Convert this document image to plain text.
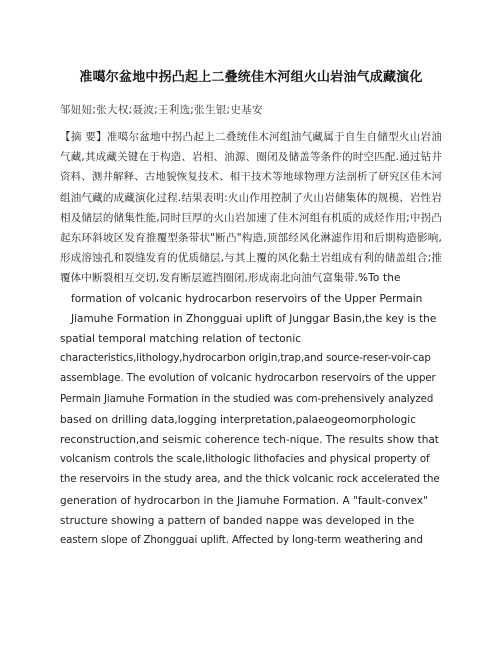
准噶尔盆地中拐凸起上二叠统佳木河组火山岩油气成藏演化
邹妞妞;张大权;聂波;王利选;张生银;史基安
【摘 要】准噶尔盆地中拐凸起上二叠统佳木河组油气藏属于自生自储型火山岩油
气藏,其成藏关键在于构造、岩相、油源、圈闭及储盖等条件的时空匹配.通过钻井
资料、测井解释、古地貌恢复技术、相干技术等地球物理方法剖析了研究区佳木河
组油气藏的成藏演化过程.结果表明:火山作用控制了火山岩储集体的规模、岩性岩
相及储层的储集性能,同时巨厚的火山岩加速了佳木河组有机质的成烃作用;中拐凸
起东环斜坡区发育推覆型条带状"断凸"构造,顶部经风化淋滤作用和后期构造影响,
形成溶蚀孔和裂缝发育的优质储层,与其上覆的风化黏土岩组成有利的储盖组合;推
覆体中断裂相互交切,发育断层遮挡圈闭,形成南北向油气富集带.%To the
formation of volcanic hydrocarbon reservoirs of the Upper Permain
Jiamuhe Formation in Zhongguai uplift of Junggar Basin,the key is the
spatial temporal matching relation of tectonic
characteristics,lithology,hydrocarbon origin,trap,and source-reser-voir-cap
assemblage. The evolution of volcanic hydrocarbon reservoirs of the upper
Permain Jiamuhe Formation in the studied was com-prehensively analyzed
based on drilling data,logging interpretation,palaeogeomorphologic
reconstruction,and seismic coherence tech-nique. The results show that
volcanism controls the scale,lithologic lithofacies and physical property of
the reservoirs in the study area, and the thick volcanic rock accelerated the
generation of hydrocarbon in the Jiamuhe Formation. A "fault-convex"
structure showing a pattern of banded nappe was developed in the
eastern slope of Zhongguai uplift. Affected by long-term weathering and
